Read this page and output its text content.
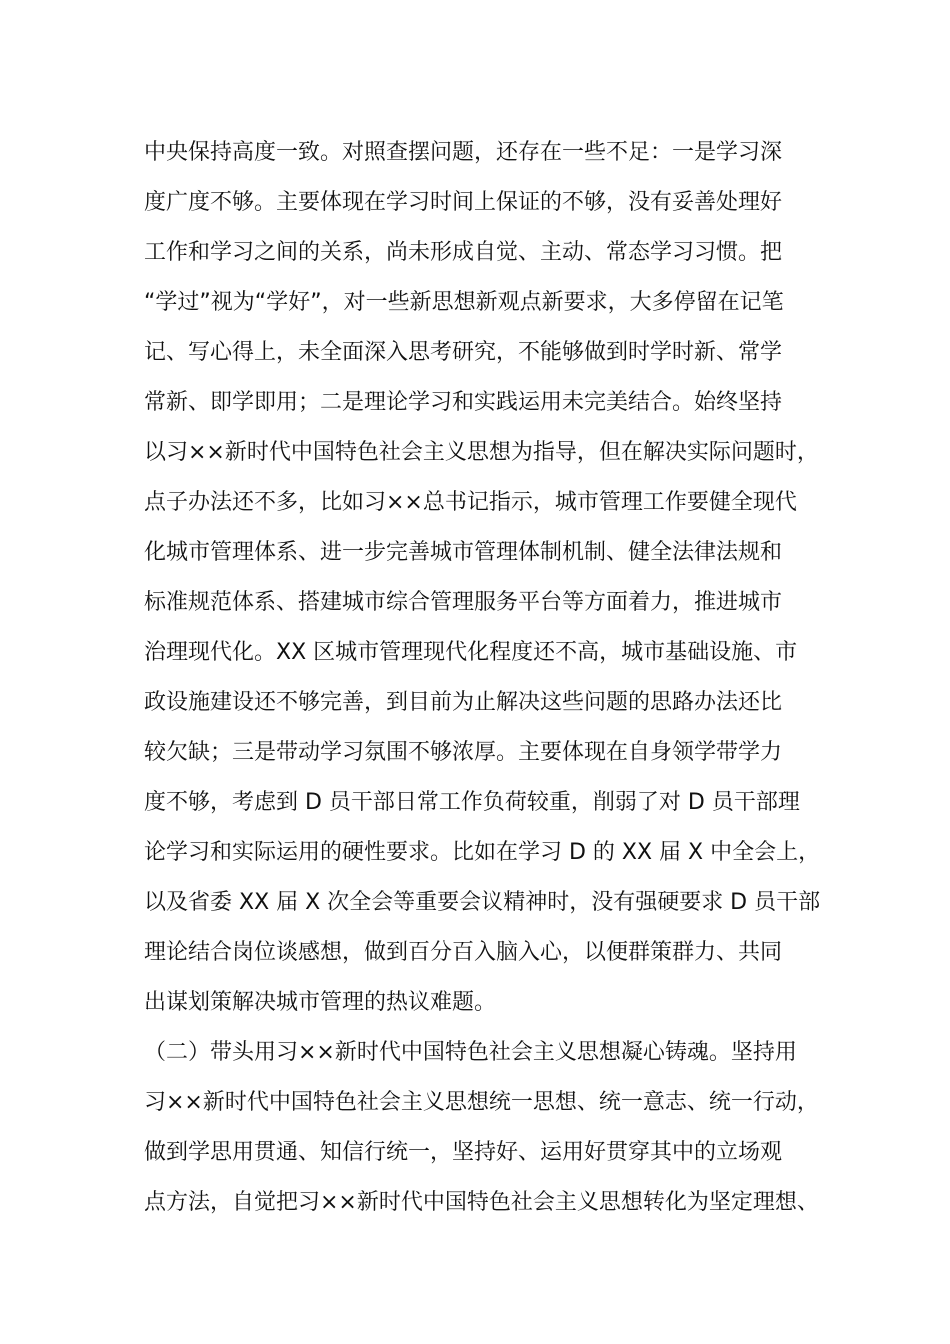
中央保持高度一致。对照查摆问题，还存在一些不足：一是学习深
度广度不够。主要体现在学习时间上保证的不够，没有妥善处理好
工作和学习之间的关系，尚未形成自觉、主动、常态学习习惯。把
“学过”视为“学好”，对一些新思想新观点新要求，大多停留在记笔
记、写心得上，未全面深入思考研究，不能够做到时学时新、常学
常新、即学即用；二是理论学习和实践运用未完美结合。始终坚持
以习××新时代中国特色社会主义思想为指导，但在解决实际问题时，
点子办法还不多，比如习××总书记指示，城市管理工作要健全现代
化城市管理体系、进一步完善城市管理体制机制、健全法律法规和
标准规范体系、搭建城市综合管理服务平台等方面着力，推进城市
治理现代化。XX 区城市管理现代化程度还不高，城市基础设施、市
政设施建设还不够完善，到目前为止解决这些问题的思路办法还比
较欠缺；三是带动学习氛围不够浓厚。主要体现在自身领学带学力
度不够，考虑到 D 员干部日常工作负荷较重，削弱了对 D 员干部理
论学习和实际运用的硬性要求。比如在学习 D 的 XX 届 X 中全会上，
以及省委 XX 届 X 次全会等重要会议精神时，没有强硬要求 D 员干部
理论结合岗位谈感想，做到百分百入脑入心，以便群策群力、共同
出谋划策解决城市管理的热议难题。
（二）带头用习××新时代中国特色社会主义思想凝心铸魂。坚持用
习××新时代中国特色社会主义思想统一思想、统一意志、统一行动，
做到学思用贯通、知信行统一，坚持好、运用好贯穿其中的立场观
点方法，自觉把习××新时代中国特色社会主义思想转化为坚定理想、
